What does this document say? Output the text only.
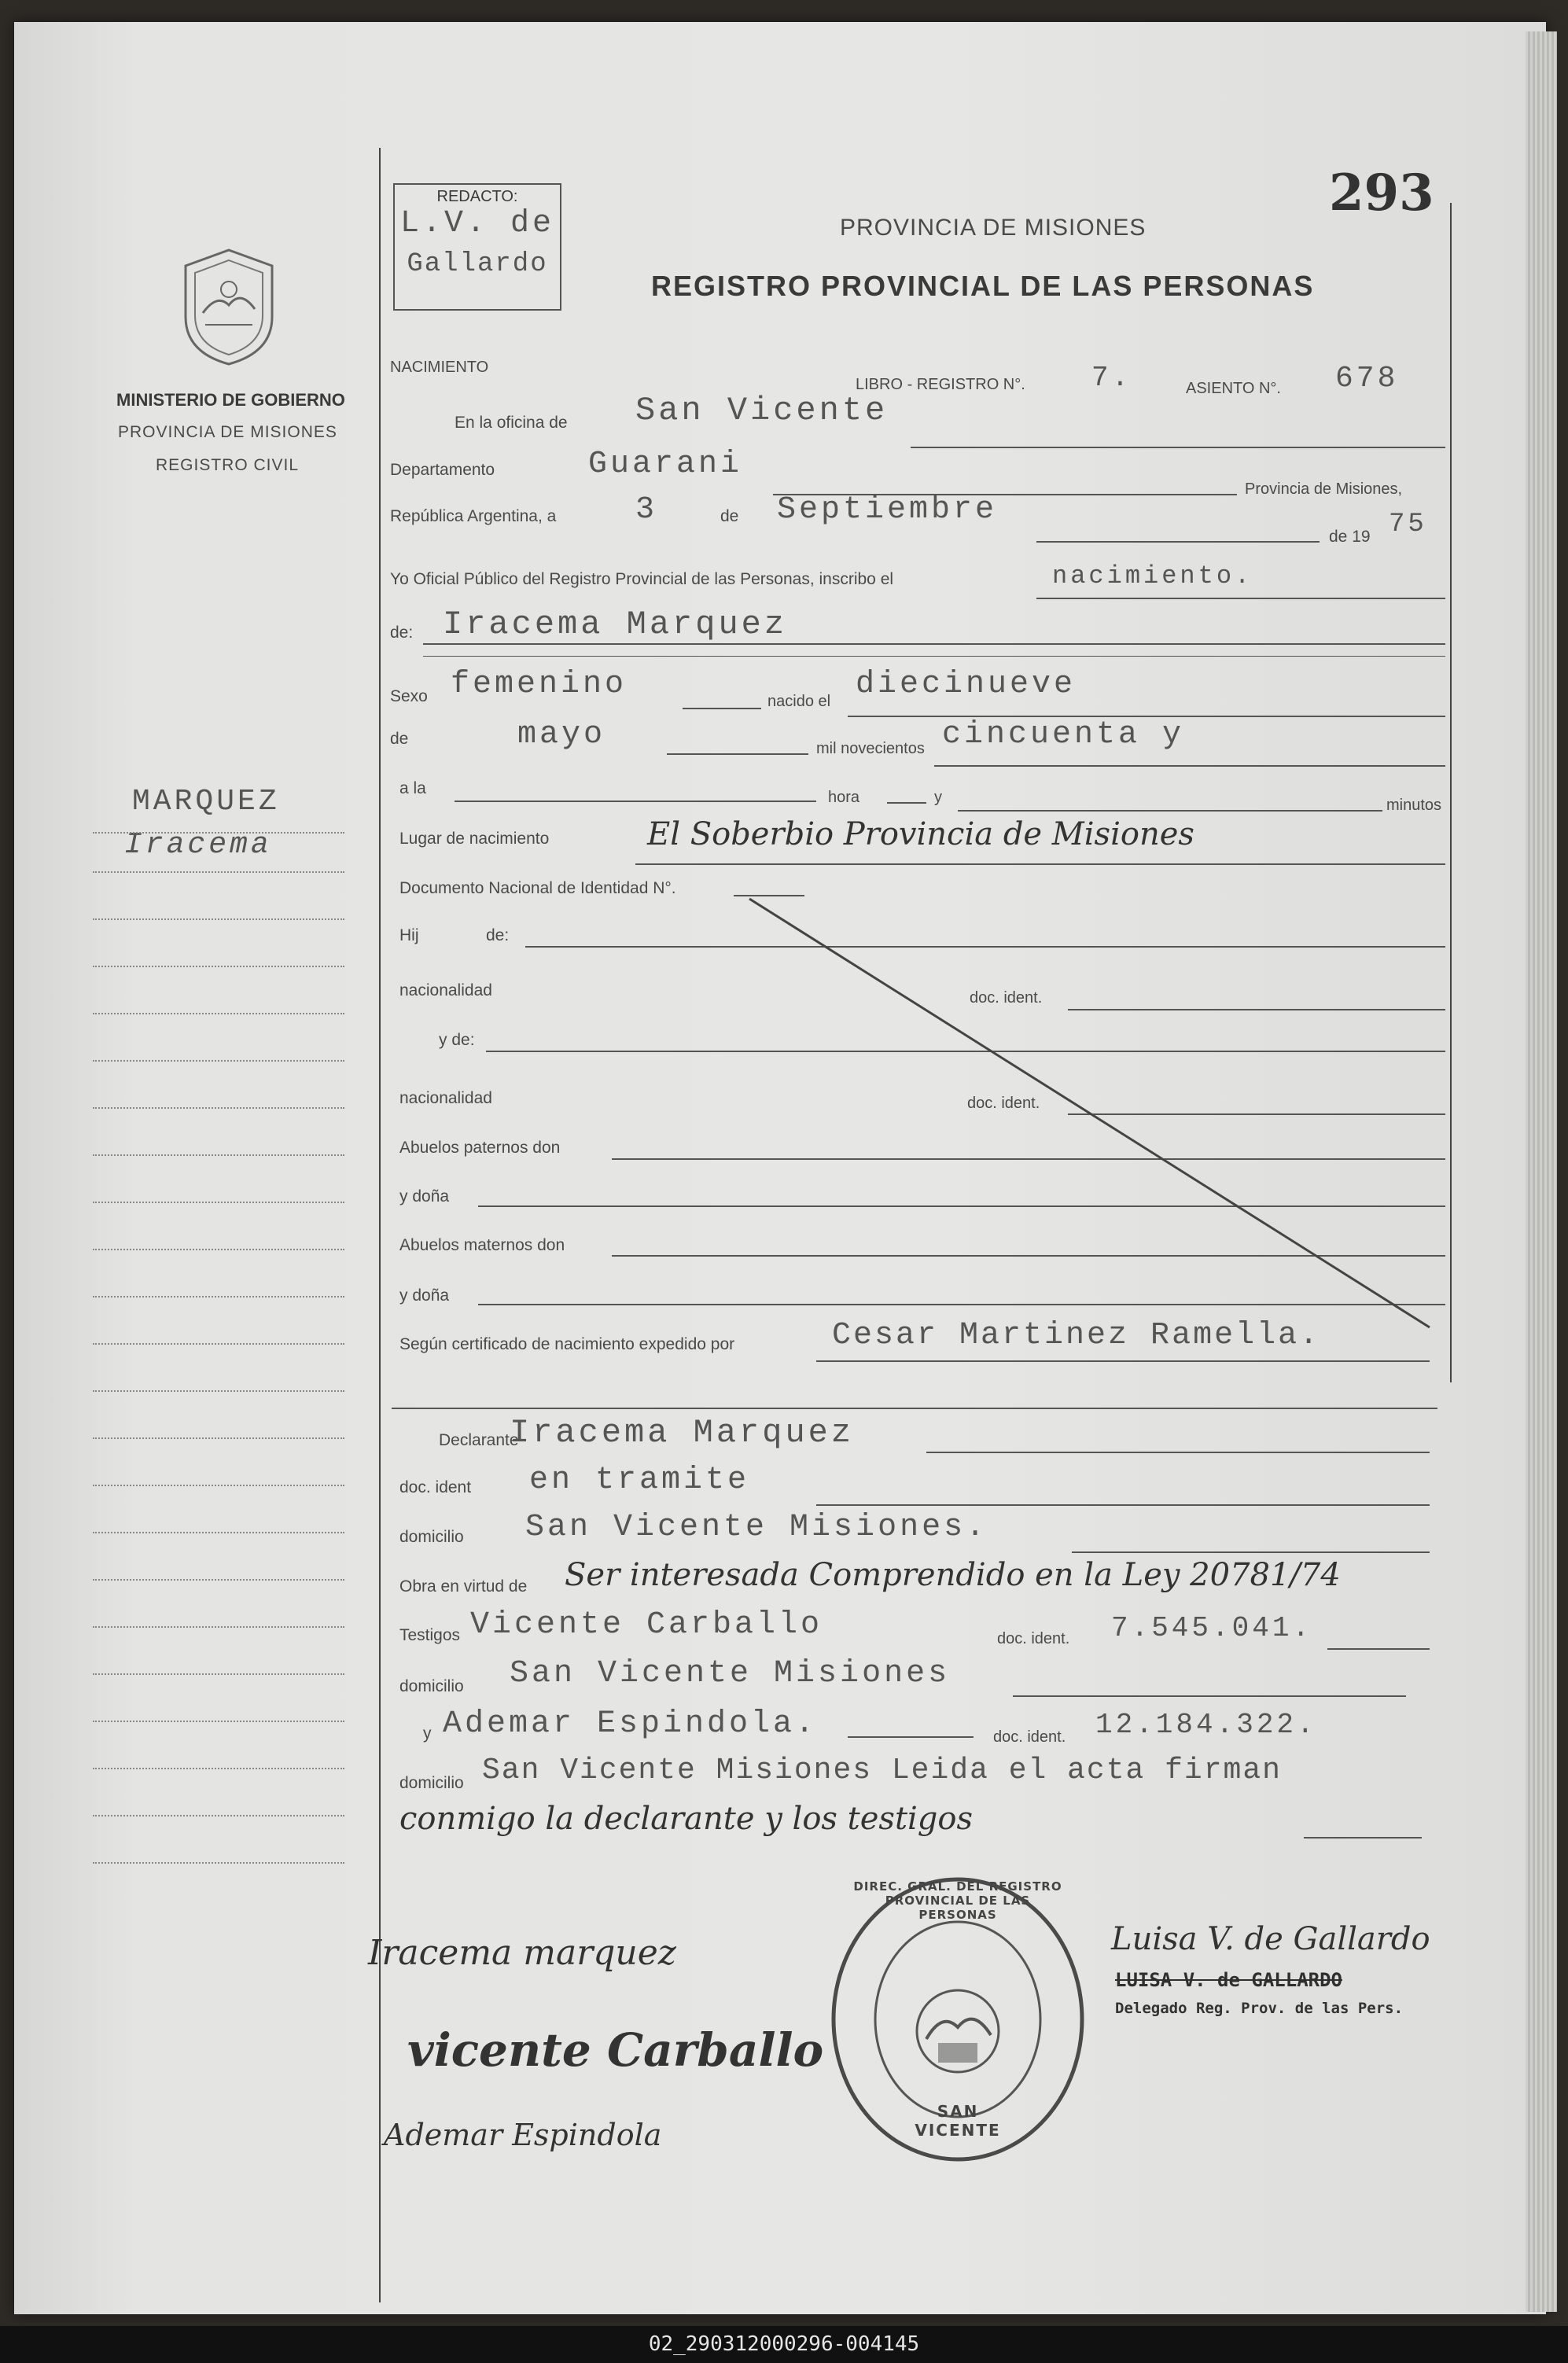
293
REDACTO:
L.V. de
Gallardo
PROVINCIA DE MISIONES
REGISTRO PROVINCIAL DE LAS PERSONAS
MINISTERIO DE GOBIERNO
PROVINCIA DE MISIONES
REGISTRO CIVIL
MARQUEZ
Iracema
NACIMIENTO
LIBRO - REGISTRO N°. 7.	ASIENTO N°. 678
En la oficina de San Vicente
Departamento	Guarani
Provincia de Misiones,
República Argentina, a	3	de Septiembre
de 19 75
Yo Oficial Público del Registro Provincial de las Personas, inscribo el	nacimiento.
de: Iracema Marquez
Sexo femenino	nacido el diecinueve
de	mayo	mil novecientos cincuenta y
a la	hora	y	minutos
Lugar de nacimiento	El Soberbio Provincia de Misiones
Documento Nacional de Identidad N°.
Hij	de:
nacionalidad	doc. ident.
y de:
nacionalidad	doc. ident.
Abuelos paternos don
y doña
Abuelos maternos don
y doña
Según certificado de nacimiento expedido por	Cesar Martinez Ramella.
Declarante
Iracema Marquez
doc. ident en tramite
domicilio San Vicente Misiones.
Obra en virtud de Ser interesada Comprendido en la Ley 20781/74
Testigos Vicente Carballo	doc. ident. 7.545.041.
domicilio San Vicente Misiones
y Ademar Espindola.	doc. ident. 12.184.322.
domicilio San Vicente Misiones Leida el acta firman
conmigo la declarante y los testigos
Iracema marquez
vicente Carballo
Ademar Espindola
Luisa V. de Gallardo
LUISA V. de GALLARDO
Delegado Reg. Prov. de las Pers.
DIREC. GRAL. DEL REGISTRO PROVINCIAL DE LAS PERSONAS
SAN VICENTE
02_290312000296-004145
